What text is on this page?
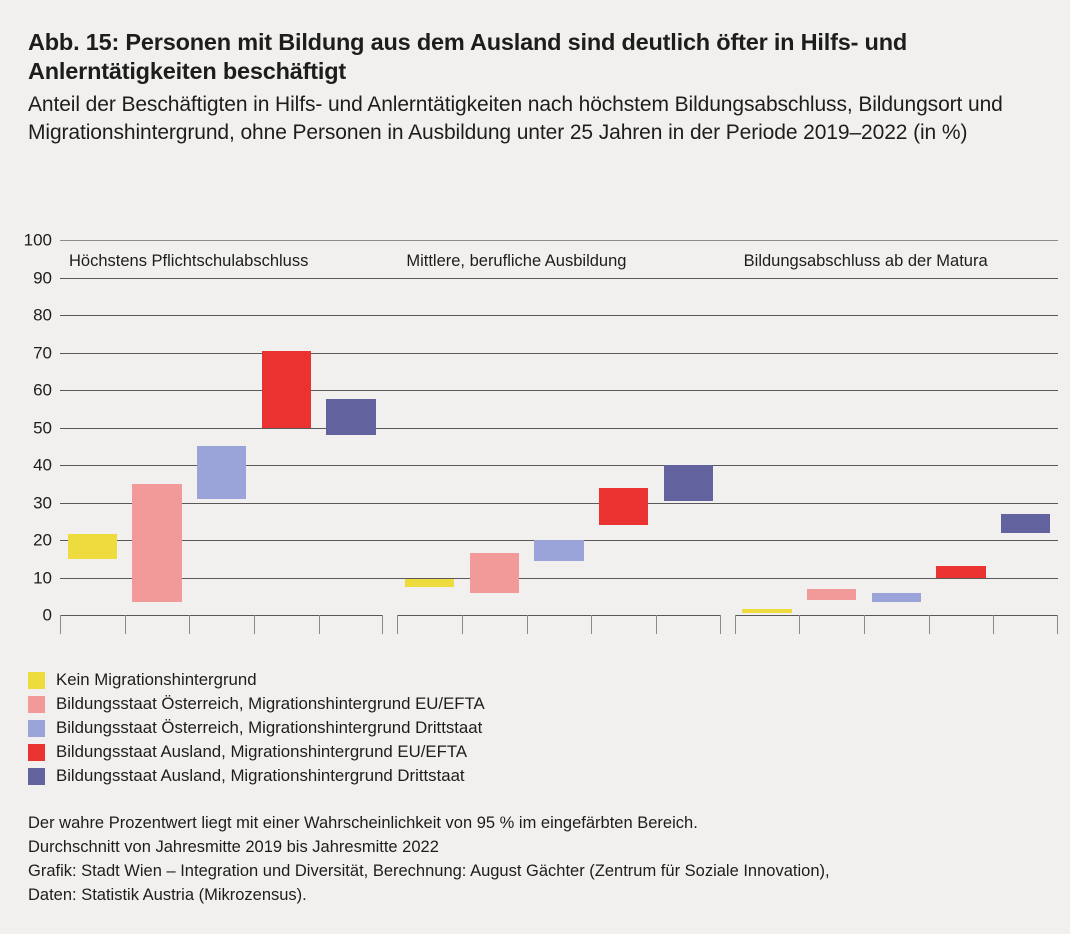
Abb. 15: Personen mit Bildung aus dem Ausland sind deutlich öfter in Hilfs- und Anlerntätigkeiten beschäftigt

Anteil der Beschäftigten in Hilfs- und Anlerntätigkeiten nach höchstem Bildungsabschluss, Bildungsort und Migrationshintergrund, ohne Personen in Ausbildung unter 25 Jahren in der Periode 2019–2022 (in %)

0
10
20
30
40
50
60
70
80
90
100
Höchstens Pflichtschulabschluss	Mittlere, berufliche Ausbildung	Bildungsabschluss ab der Matura
Kein Migrationshintergrund
Bildungsstaat Österreich, Migrationshintergrund EU/EFTA
Bildungsstaat Österreich, Migrationshintergrund Drittstaat
Bildungsstaat Ausland, Migrationshintergrund EU/EFTA
Bildungsstaat Ausland, Migrationshintergrund Drittstaat
Der wahre Prozentwert liegt mit einer Wahrscheinlichkeit von 95 % im eingefärbten Bereich.
Durchschnitt von Jahresmitte 2019 bis Jahresmitte 2022
Grafik: Stadt Wien – Integration und Diversität, Berechnung: August Gächter (Zentrum für Soziale Innovation),
Daten: Statistik Austria (Mikrozensus).
